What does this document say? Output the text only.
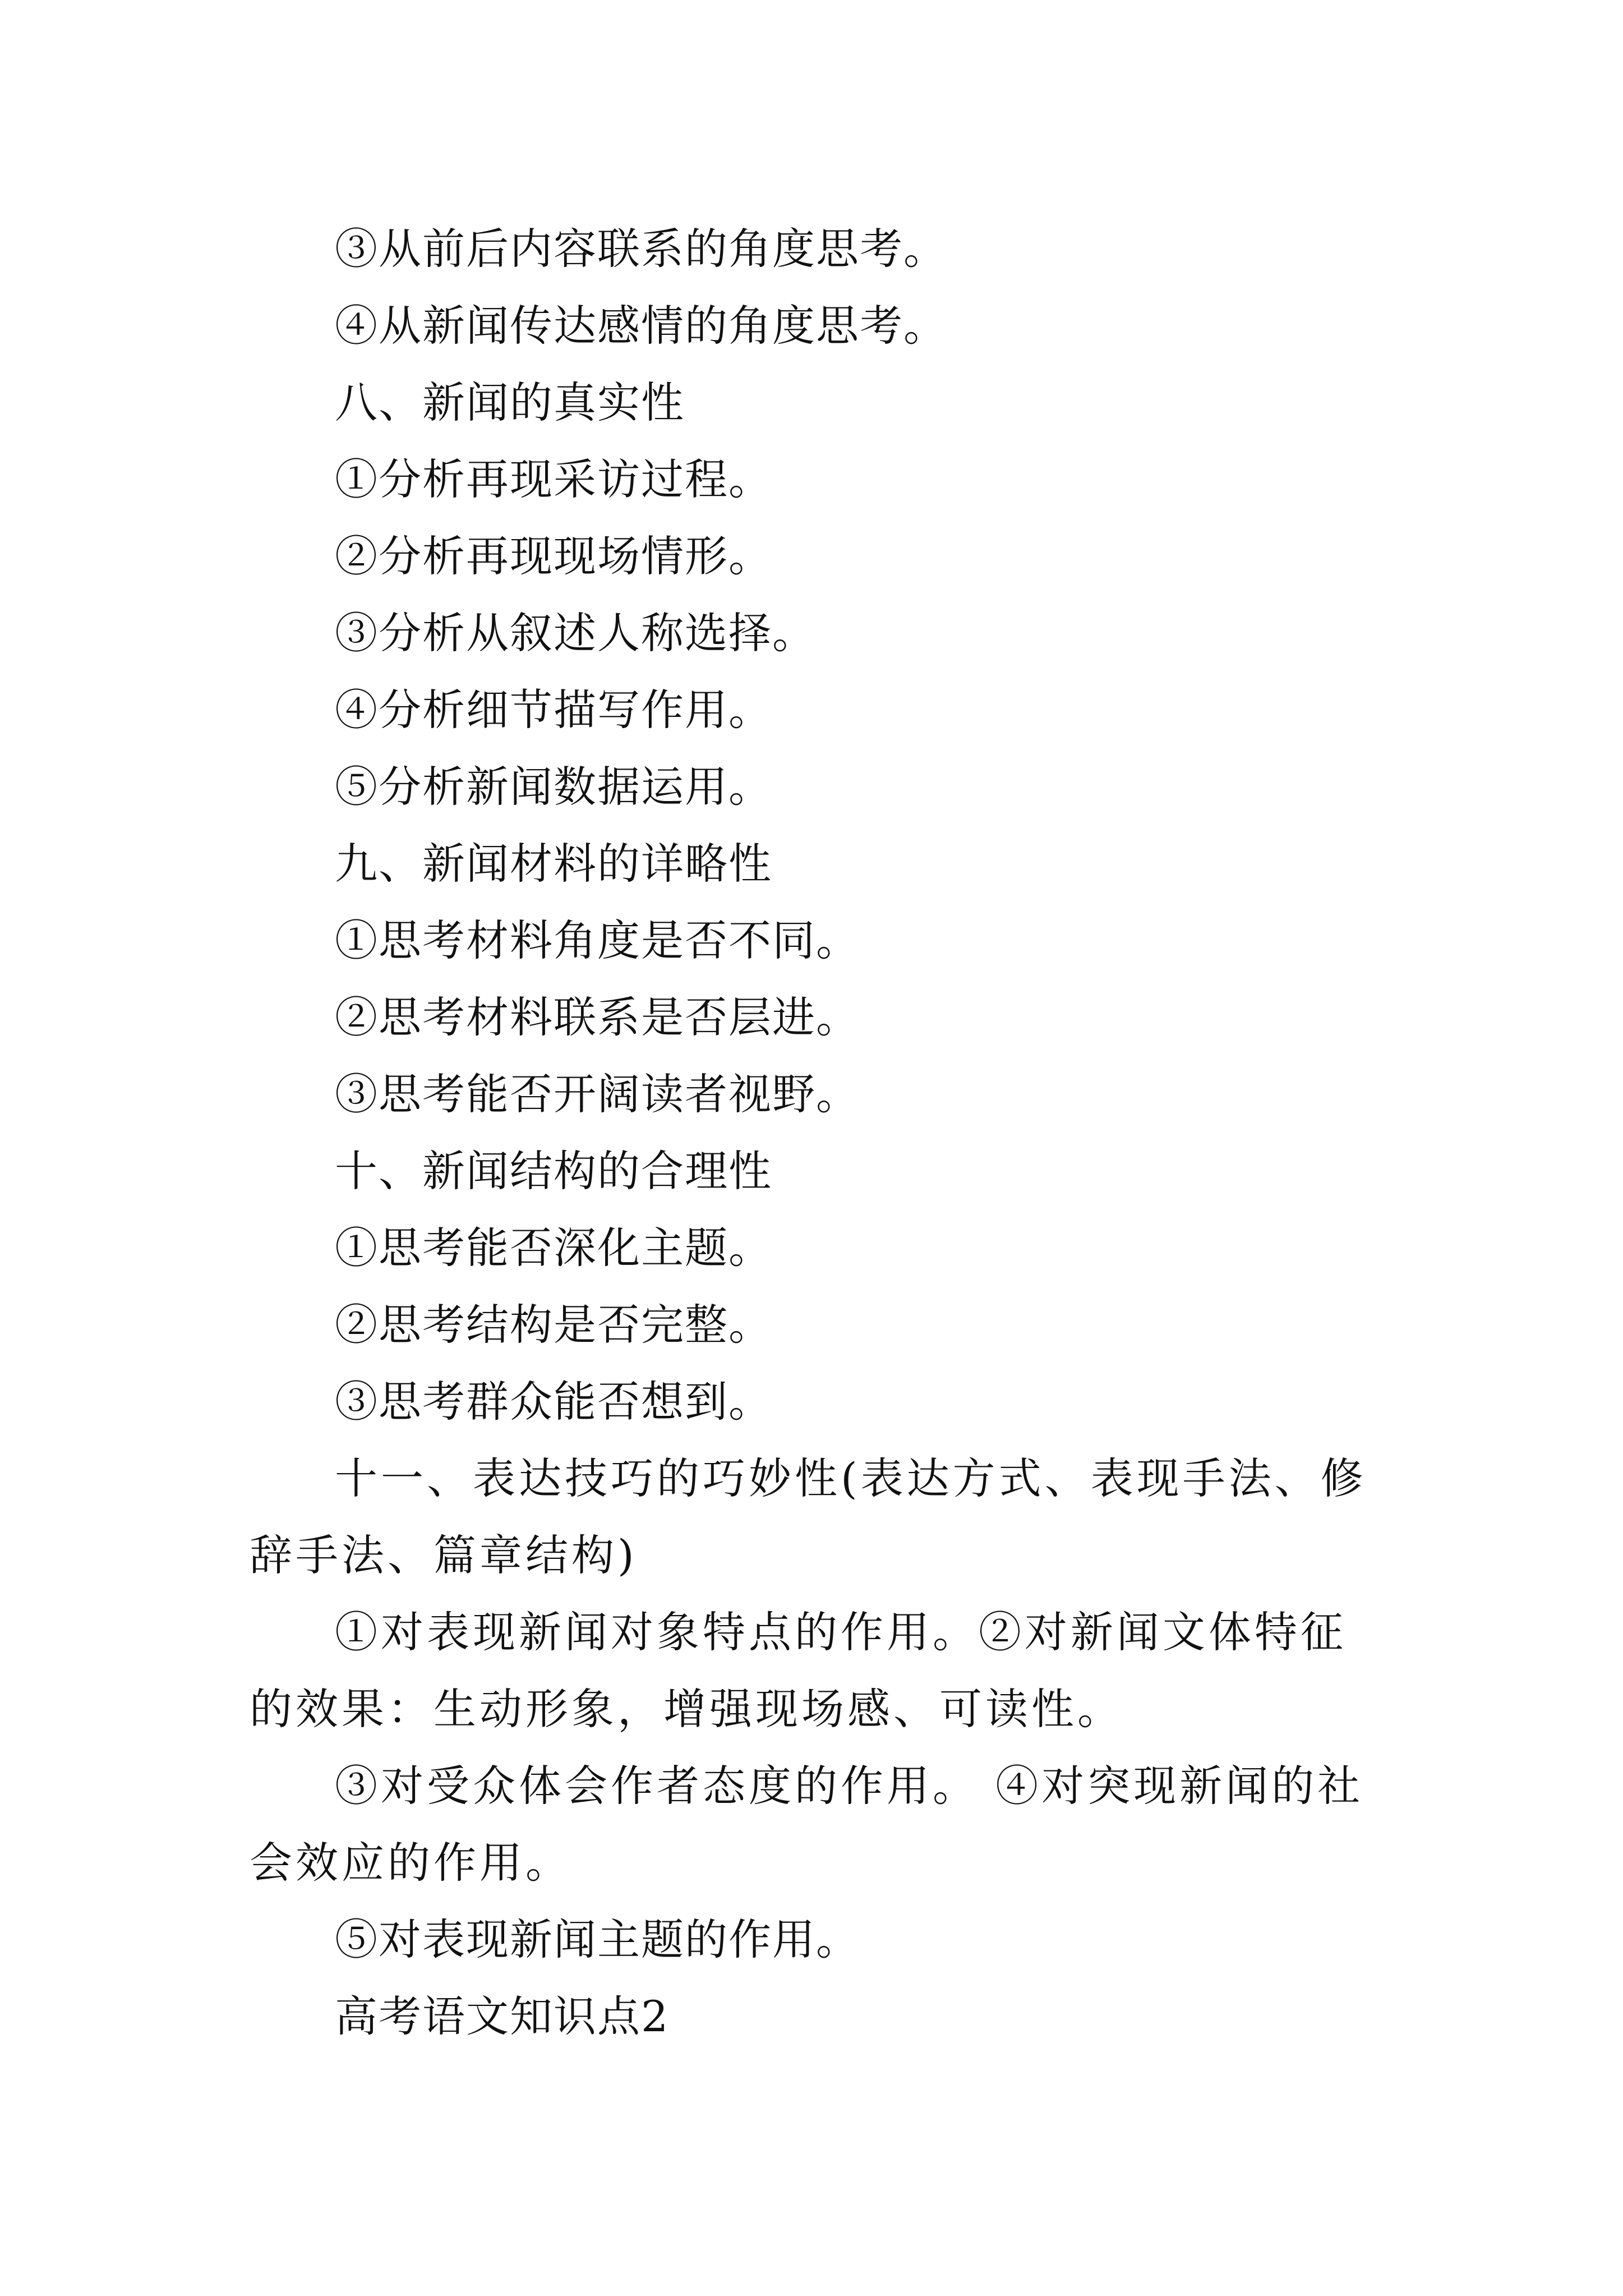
③从前后内容联系的角度思考。

④从新闻传达感情的角度思考。

八、新闻的真实性

①分析再现采访过程。

②分析再现现场情形。

③分析从叙述人称选择。

④分析细节描写作用。

⑤分析新闻数据运用。

九、新闻材料的详略性

①思考材料角度是否不同。

②思考材料联系是否层进。

③思考能否开阔读者视野。

十、新闻结构的合理性

①思考能否深化主题。

②思考结构是否完整。

③思考群众能否想到。

十一、表达技巧的巧妙性(表达方式、表现手法、修辞手法、篇章结构)

①对表现新闻对象特点的作用。②对新闻文体特征的效果：生动形象，增强现场感、可读性。

③对受众体会作者态度的作用。 ④对突现新闻的社会效应的作用。

⑤对表现新闻主题的作用。

高考语文知识点2
